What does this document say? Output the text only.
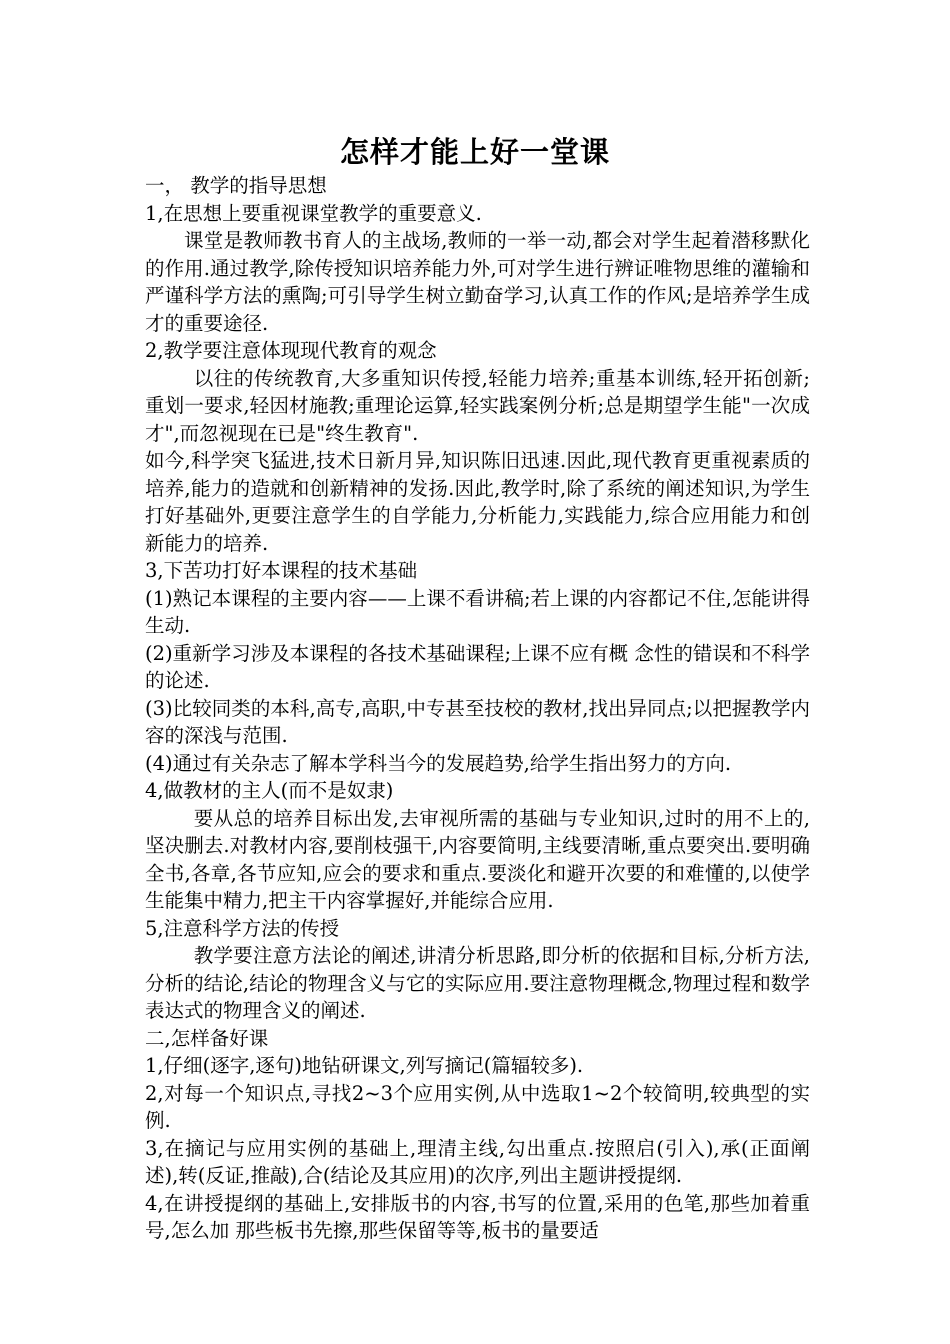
怎样才能上好一堂课

一， 教学的指导思想

1,在思想上要重视课堂教学的重要意义.

课堂是教师教书育人的主战场,教师的一举一动,都会对学生起着潜移默化的作用.通过教学,除传授知识培养能力外,可对学生进行辨证唯物思维的灌输和严谨科学方法的熏陶;可引导学生树立勤奋学习,认真工作的作风;是培养学生成才的重要途径.

2,教学要注意体现现代教育的观念

以往的传统教育,大多重知识传授,轻能力培养;重基本训练,轻开拓创新;重划一要求,轻因材施教;重理论运算,轻实践案例分析;总是期望学生能"一次成才",而忽视现在已是"终生教育".

如今,科学突飞猛进,技术日新月异,知识陈旧迅速.因此,现代教育更重视素质的培养,能力的造就和创新精神的发扬.因此,教学时,除了系统的阐述知识,为学生打好基础外,更要注意学生的自学能力,分析能力,实践能力,综合应用能力和创新能力的培养.

3,下苦功打好本课程的技术基础

(1)熟记本课程的主要内容——上课不看讲稿;若上课的内容都记不住,怎能讲得生动.

(2)重新学习涉及本课程的各技术基础课程;上课不应有概 念性的错误和不科学的论述.

(3)比较同类的本科,高专,高职,中专甚至技校的教材,找出异同点;以把握教学内容的深浅与范围.

(4)通过有关杂志了解本学科当今的发展趋势,给学生指出努力的方向.

4,做教材的主人(而不是奴隶)

要从总的培养目标出发,去审视所需的基础与专业知识,过时的用不上的,坚决删去.对教材内容,要削枝强干,内容要简明,主线要清晰,重点要突出.要明确全书,各章,各节应知,应会的要求和重点.要淡化和避开次要的和难懂的,以使学生能集中精力,把主干内容掌握好,并能综合应用.

5,注意科学方法的传授

教学要注意方法论的阐述,讲清分析思路,即分析的依据和目标,分析方法,分析的结论,结论的物理含义与它的实际应用.要注意物理概念,物理过程和数学表达式的物理含义的阐述.

二,怎样备好课

1,仔细(逐字,逐句)地钻研课文,列写摘记(篇辐较多).

2,对每一个知识点,寻找2~3个应用实例,从中选取1~2个较简明,较典型的实例.

3,在摘记与应用实例的基础上,理清主线,勾出重点.按照启(引入),承(正面阐述),转(反证,推敲),合(结论及其应用)的次序,列出主题讲授提纲.

4,在讲授提纲的基础上,安排版书的内容,书写的位置,采用的色笔,那些加着重号,怎么加 那些板书先擦,那些保留等等,板书的量要适
